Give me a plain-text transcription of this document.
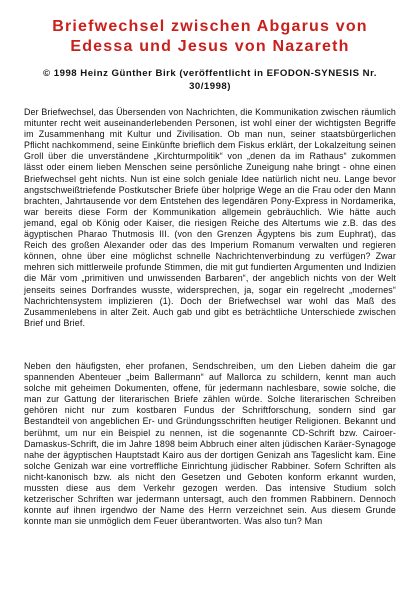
Briefwechsel zwischen Abgarus von
Edessa und Jesus von Nazareth

© 1998 Heinz Günther Birk (veröffentlicht in EFODON-SYNESIS Nr. 30/1998)

Der Briefwechsel, das Übersenden von Nachrichten, die Kommunikation zwischen räumlich mitunter recht weit auseinanderlebenden Personen, ist wohl einer der wichtigsten Begriffe im Zusammenhang mit Kultur und Zivilisation. Ob man nun, seiner staatsbürgerlichen Pflicht nachkommend, seine Einkünfte brieflich dem Fiskus erklärt, der Lokalzeitung seinen Groll über die unverständene „Kirchturmpolitik“ von „denen da im Rathaus“ zukommen lässt oder einem lieben Menschen seine persönliche Zuneigung nahe bringt - ohne einen Briefwechsel geht nichts. Nun ist eine solch geniale Idee natürlich nicht neu. Lange bevor angstschweißtriefende Postkutscher Briefe über holprige Wege an die Frau oder den Mann brachten, Jahrtausende vor dem Entstehen des legendären Pony-Express in Nordamerika, war bereits diese Form der Kommunikation allgemein gebräuchlich. Wie hätte auch jemand, egal ob König oder Kaiser, die riesigen Reiche des Altertums wie z.B. das des ägyptischen Pharao Thutmosis III. (von den Grenzen Ägyptens bis zum Euphrat), das Reich des großen Alexander oder das des Imperium Romanum verwalten und regieren können, ohne über eine möglichst schnelle Nachrichtenverbindung zu verfügen? Zwar mehren sich mittlerweile profunde Stimmen, die mit gut fundierten Argumenten und Indizien die Mär vom „primitiven und unwissenden Barbaren“, der angeblich nichts von der Welt jenseits seines Dorfrandes wusste, widersprechen, ja, sogar ein regelrecht „modernes“ Nachrichtensystem implizieren (1). Doch der Briefwechsel war wohl das Maß des Zusammenlebens in alter Zeit. Auch gab und gibt es beträchtliche Unterschiede zwischen Brief und Brief.

Neben den häufigsten, eher profanen, Sendschreiben, um den Lieben daheim die gar spannenden Abenteuer „beim Ballermann“ auf Mallorca zu schildern, kennt man auch solche mit geheimen Dokumenten, offene, für jedermann nachlesbare, sowie solche, die man zur Gattung der literarischen Briefe zählen würde. Solche literarischen Schreiben gehören nicht nur zum kostbaren Fundus der Schriftforschung, sondern sind gar Bestandteil von angeblichen Er- und Gründungsschriften heutiger Religionen. Bekannt und berühmt, um nur ein Beispiel zu nennen, ist die sogenannte CD-Schrift bzw. Cairoer-Damaskus-Schrift, die im Jahre 1898 beim Abbruch einer alten jüdischen Karäer-Synagoge nahe der ägyptischen Hauptstadt Kairo aus der dortigen Genizah ans Tageslicht kam. Eine solche Genizah war eine vortreffliche Einrichtung jüdischer Rabbiner. Sofern Schriften als nicht-kanonisch bzw. als nicht den Gesetzen und Geboten konform erkannt wurden, mussten diese aus dem Verkehr gezogen werden. Das intensive Studium solch ketzerischer Schriften war jedermann untersagt, auch den frommen Rabbinern. Dennoch konnte auf ihnen irgendwo der Name des Herrn verzeichnet sein. Aus diesem Grunde konnte man sie unmöglich dem Feuer überantworten. Was also tun? Man
